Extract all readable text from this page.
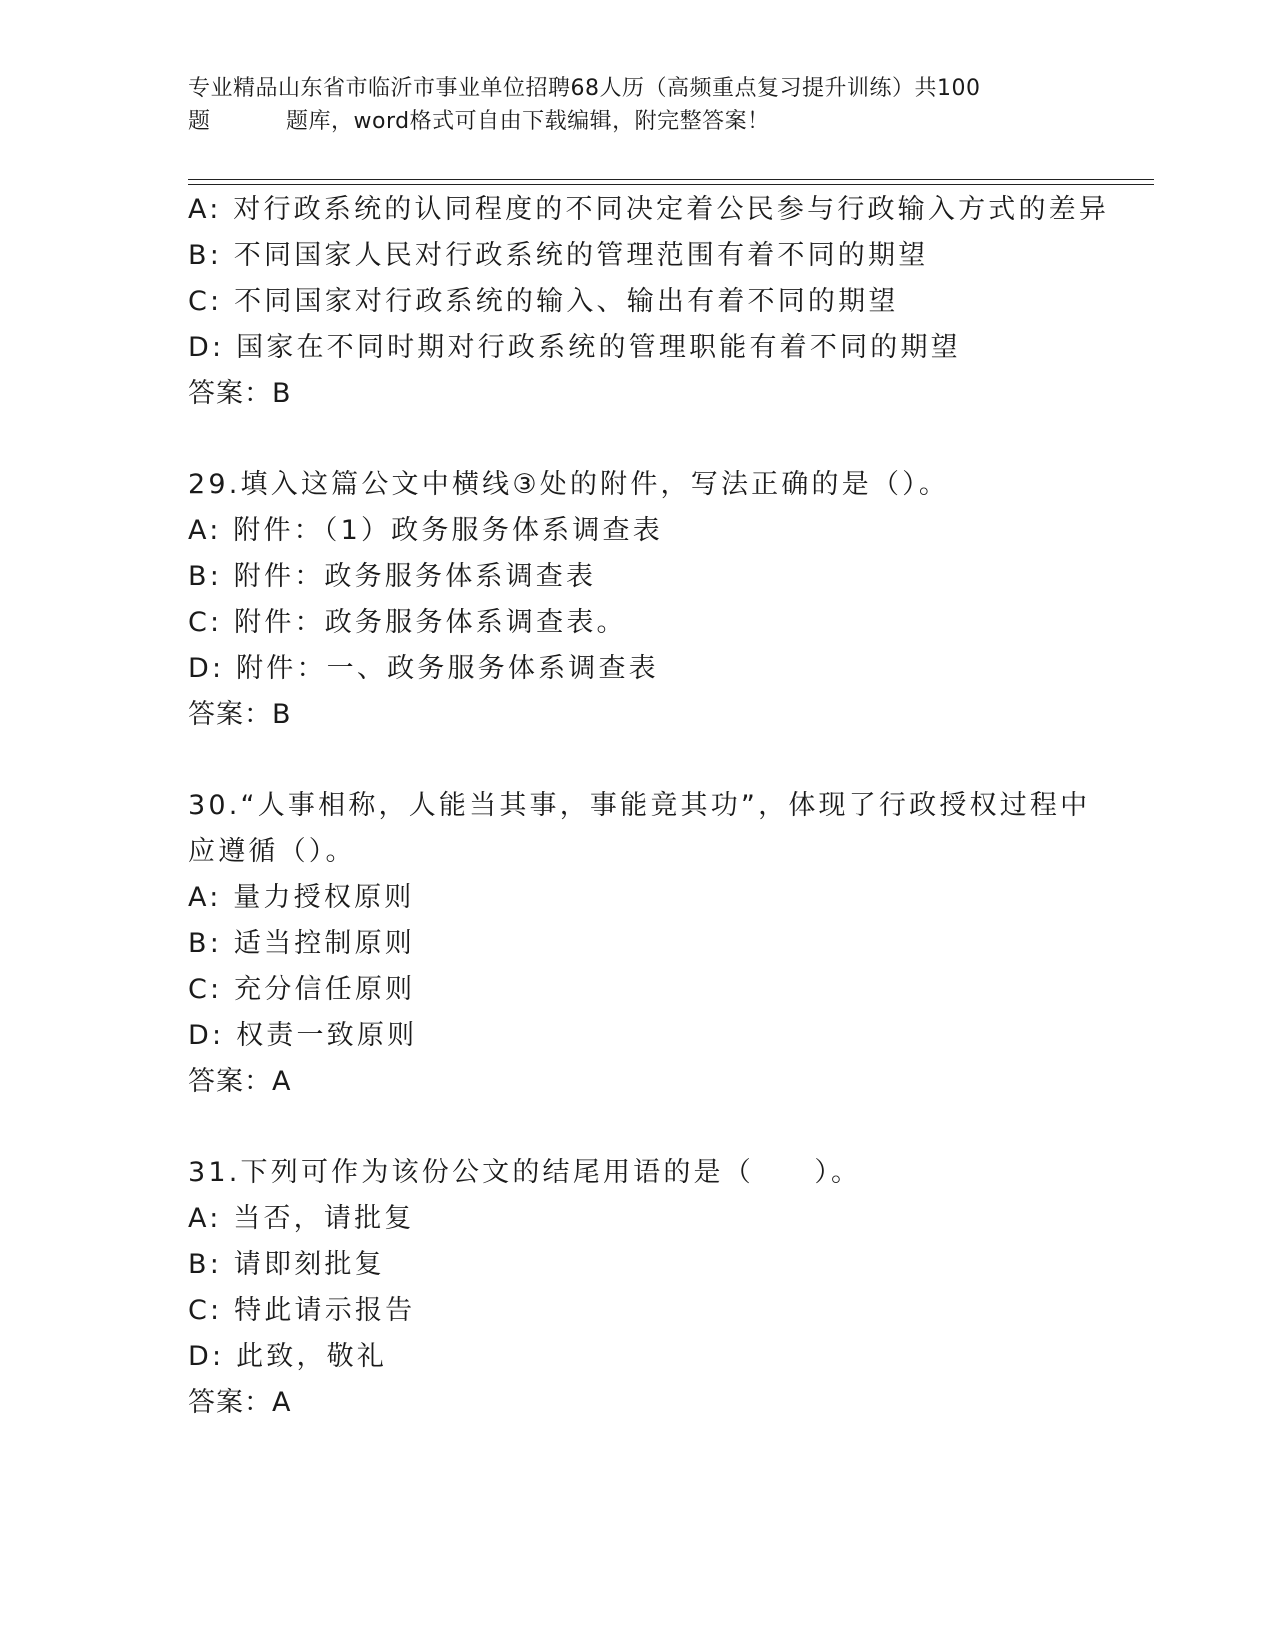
专业精品山东省市临沂市事业单位招聘68人历（高频重点复习提升训练）共100
题	题库，word格式可自由下载编辑，附完整答案！
A: 对行政系统的认同程度的不同决定着公民参与行政输入方式的差异
B: 不同国家人民对行政系统的管理范围有着不同的期望
C: 不同国家对行政系统的输入、输出有着不同的期望
D: 国家在不同时期对行政系统的管理职能有着不同的期望
答案：B
29.填入这篇公文中横线③处的附件，写法正确的是（）。
A: 附件：（1）政务服务体系调查表
B: 附件：政务服务体系调查表
C: 附件：政务服务体系调查表。
D: 附件：一、政务服务体系调查表
答案：B
30.“人事相称，人能当其事，事能竟其功”，体现了行政授权过程中
应遵循（）。
A: 量力授权原则
B: 适当控制原则
C: 充分信任原则
D: 权责一致原则
答案：A
31.下列可作为该份公文的结尾用语的是（　　）。
A: 当否，请批复
B: 请即刻批复
C: 特此请示报告
D: 此致，敬礼
答案：A
